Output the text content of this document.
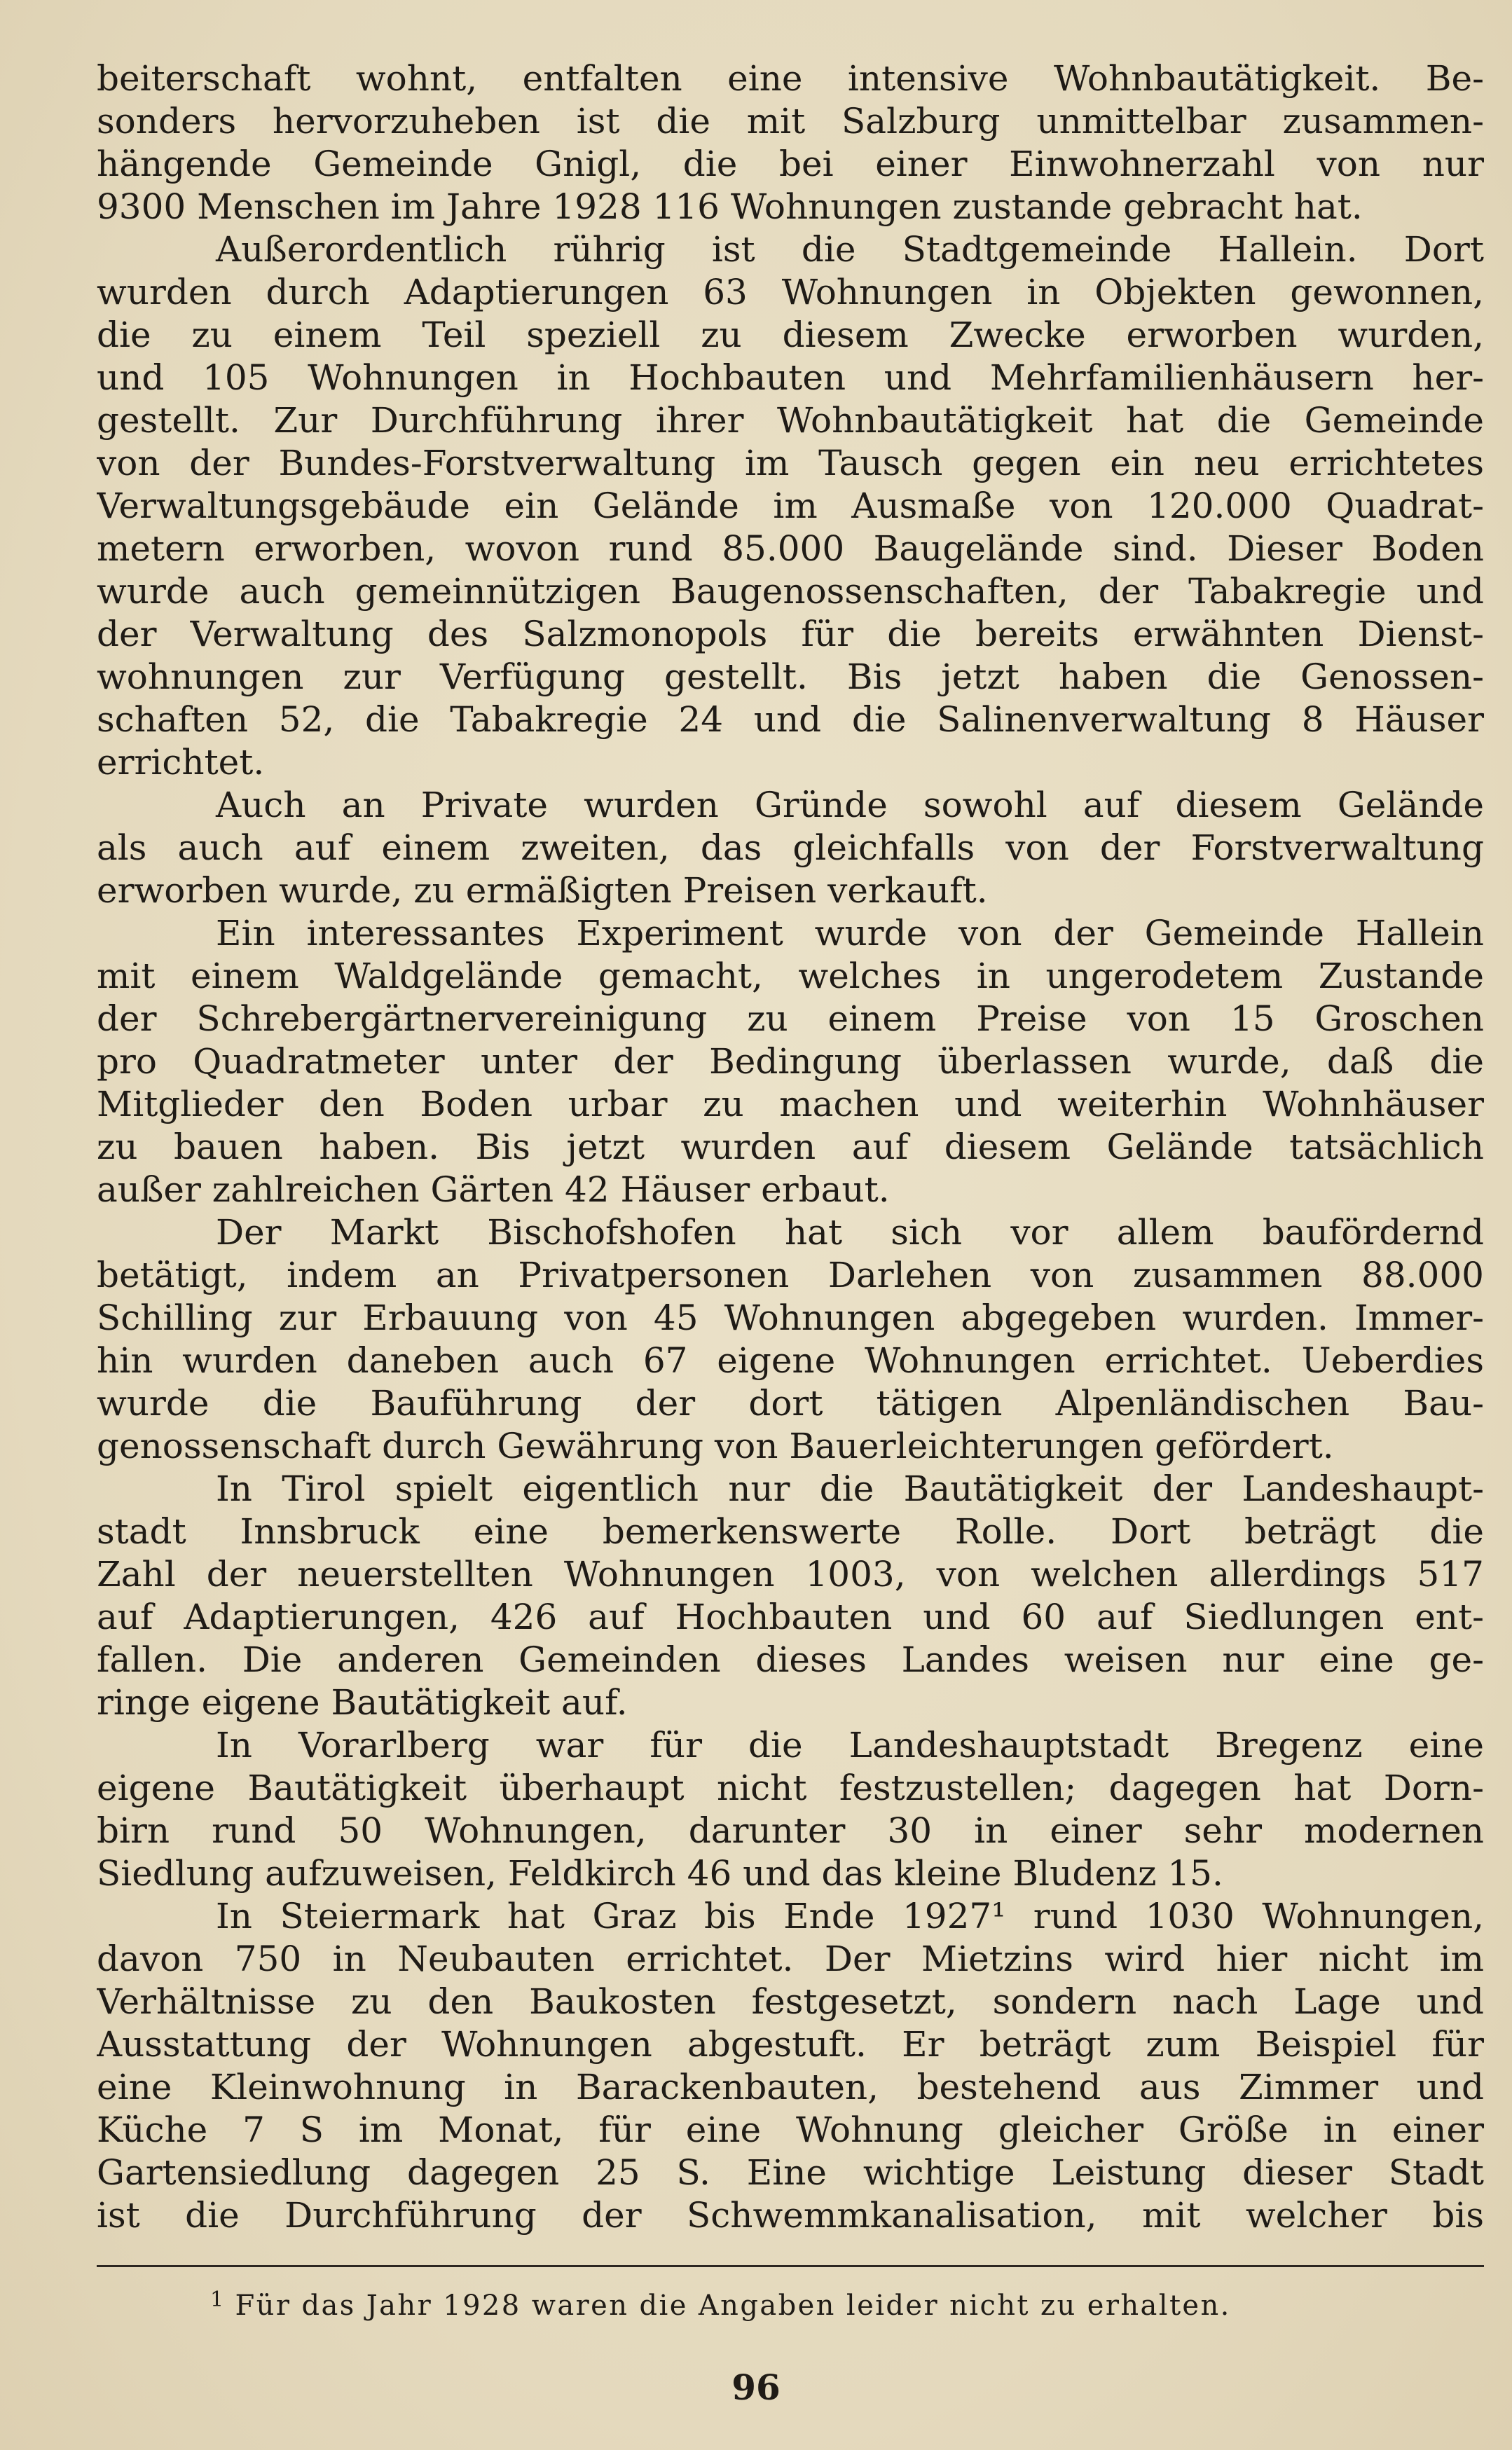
beiterschaft wohnt, entfalten eine intensive Wohnbautätigkeit. Be-
sonders hervorzuheben ist die mit Salzburg unmittelbar zusammen-
hängende Gemeinde Gnigl, die bei einer Einwohnerzahl von nur
9300 Menschen im Jahre 1928 116 Wohnungen zustande gebracht hat.

Außerordentlich rührig ist die Stadtgemeinde Hallein. Dort
wurden durch Adaptierungen 63 Wohnungen in Objekten gewonnen,
die zu einem Teil speziell zu diesem Zwecke erworben wurden,
und 105 Wohnungen in Hochbauten und Mehrfamilienhäusern her-
gestellt. Zur Durchführung ihrer Wohnbautätigkeit hat die Gemeinde
von der Bundes-Forstverwaltung im Tausch gegen ein neu errichtetes
Verwaltungsgebäude ein Gelände im Ausmaße von 120.000 Quadrat-
metern erworben, wovon rund 85.000 Baugelände sind. Dieser Boden
wurde auch gemeinnützigen Baugenossenschaften, der Tabakregie und
der Verwaltung des Salzmonopols für die bereits erwähnten Dienst-
wohnungen zur Verfügung gestellt. Bis jetzt haben die Genossen-
schaften 52, die Tabakregie 24 und die Salinenverwaltung 8 Häuser
errichtet.

Auch an Private wurden Gründe sowohl auf diesem Gelände
als auch auf einem zweiten, das gleichfalls von der Forstverwaltung
erworben wurde, zu ermäßigten Preisen verkauft.

Ein interessantes Experiment wurde von der Gemeinde Hallein
mit einem Waldgelände gemacht, welches in ungerodetem Zustande
der Schrebergärtnervereinigung zu einem Preise von 15 Groschen
pro Quadratmeter unter der Bedingung überlassen wurde, daß die
Mitglieder den Boden urbar zu machen und weiterhin Wohnhäuser
zu bauen haben. Bis jetzt wurden auf diesem Gelände tatsächlich
außer zahlreichen Gärten 42 Häuser erbaut.

Der Markt Bischofshofen hat sich vor allem baufördernd
betätigt, indem an Privatpersonen Darlehen von zusammen 88.000
Schilling zur Erbauung von 45 Wohnungen abgegeben wurden. Immer-
hin wurden daneben auch 67 eigene Wohnungen errichtet. Ueberdies
wurde die Bauführung der dort tätigen Alpenländischen Bau-
genossenschaft durch Gewährung von Bauerleichterungen gefördert.

In Tirol spielt eigentlich nur die Bautätigkeit der Landeshaupt-
stadt Innsbruck eine bemerkenswerte Rolle. Dort beträgt die
Zahl der neuerstellten Wohnungen 1003, von welchen allerdings 517
auf Adaptierungen, 426 auf Hochbauten und 60 auf Siedlungen ent-
fallen. Die anderen Gemeinden dieses Landes weisen nur eine ge-
ringe eigene Bautätigkeit auf.

In Vorarlberg war für die Landeshauptstadt Bregenz eine
eigene Bautätigkeit überhaupt nicht festzustellen; dagegen hat Dorn-
birn rund 50 Wohnungen, darunter 30 in einer sehr modernen
Siedlung aufzuweisen, Feldkirch 46 und das kleine Bludenz 15.

In Steiermark hat Graz bis Ende 1927¹ rund 1030 Wohnungen,
davon 750 in Neubauten errichtet. Der Mietzins wird hier nicht im
Verhältnisse zu den Baukosten festgesetzt, sondern nach Lage und
Ausstattung der Wohnungen abgestuft. Er beträgt zum Beispiel für
eine Kleinwohnung in Barackenbauten, bestehend aus Zimmer und
Küche 7 S im Monat, für eine Wohnung gleicher Größe in einer
Gartensiedlung dagegen 25 S. Eine wichtige Leistung dieser Stadt
ist die Durchführung der Schwemmkanalisation, mit welcher bis

$^1$ Für das Jahr 1928 waren die Angaben leider nicht zu erhalten.
96
